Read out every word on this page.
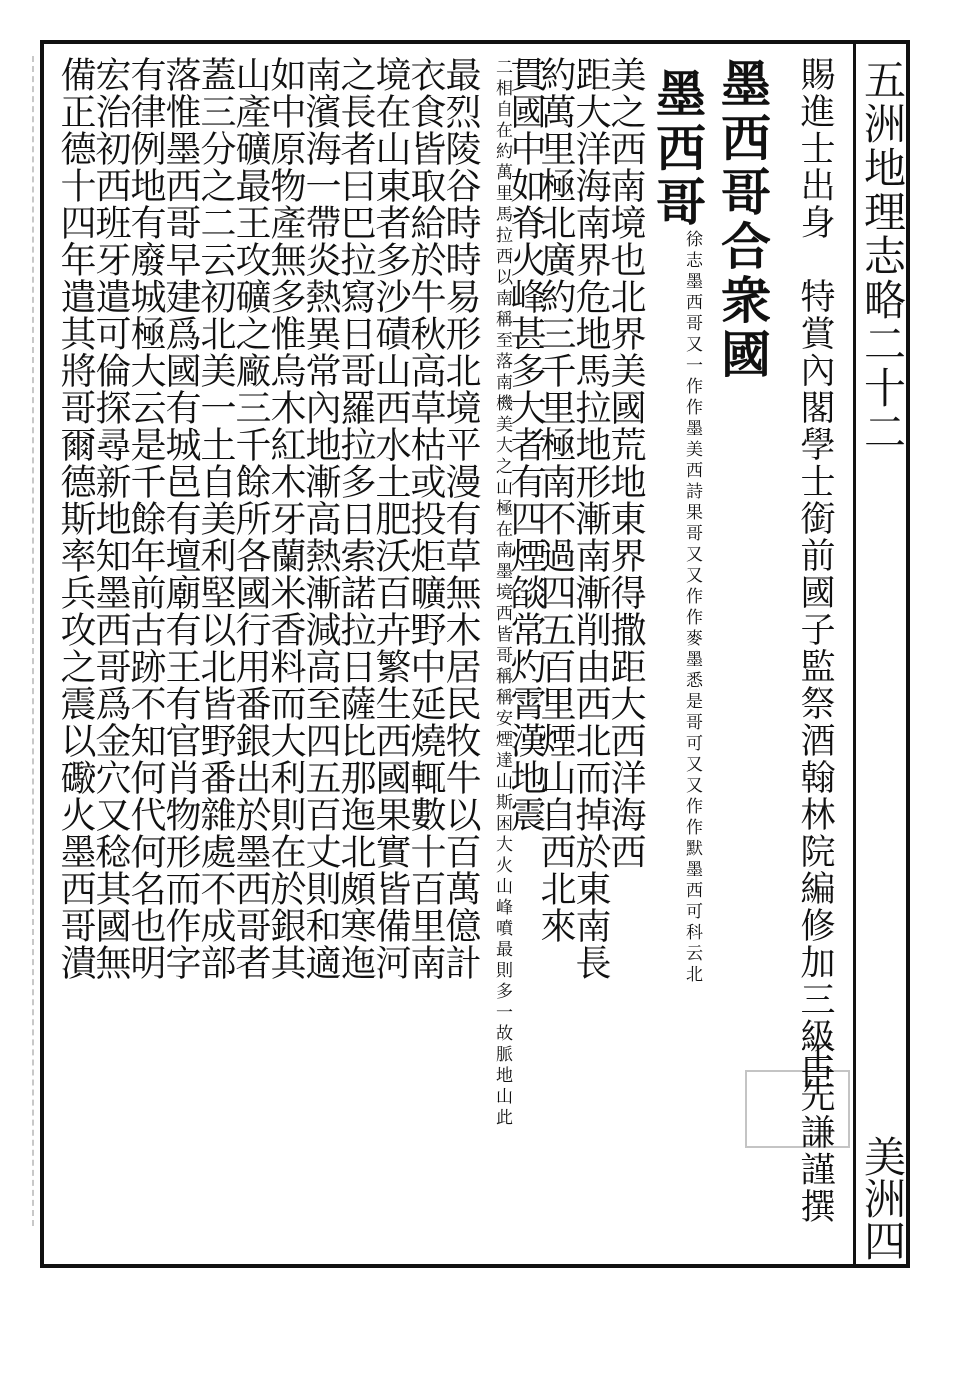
五洲地理志略二十二
美洲四
賜進士出身　特賞內閣學士銜前國子監祭酒翰林院編修加三級臣
王先謙謹撰
墨西哥合衆國
墨西哥
徐志墨西哥又一作作墨美西詩果哥又又作作麥墨悉是哥可又又作作默墨西可科云北
二相自在約萬里馬拉西以南稱至落南機美大之山極在南墨境西皆哥稱稱安煙達山斯困大火山峰噴最則多一故脈地山此	美之西南境也北界美國荒地東界得撒距大西洋海西
距大洋海南界危地馬拉地形漸南漸削由西北而掉於東南長
約萬里極北廣約三千里極南不過四五百里煙山自西北來
貫國中如脊火峰甚多大者有四煙燄常灼霄漢地震
最烈陵谷時時易形北境平漫有草無木居民牧牛以百萬億計
衣食皆取給於牛秋高草枯或投炬曠野中延燒輒數十百里南
境在山東者多沙磧山西水土肥沃百卉繁生西國果實皆備河
之長者曰巴拉寫日哥羅拉多日索諾拉日薩比那迤北頗寒迤
南濱海一帶炎熱異常內地漸高熱漸減高至四五百丈則和適
如中原物產無多惟烏木紅木牙蘭米香料而大利則在於銀其
山產礦最王攻礦之廠三千餘所各國行用番銀出於墨西哥者
蓋三分之二云初北美一土自美利堅以北皆野番雜處不成部
落惟墨西哥早建爲國有城邑有壇廟有王有官肖物形而作字
有律例地有廢城極大云是千餘年前古跡不知何代何名也明
宏治初西班牙遣可倫探尋新地知墨西哥爲金穴又稔其國無
備正德十四年遣其將哥爾德斯率兵攻之震以礮火墨西哥潰
